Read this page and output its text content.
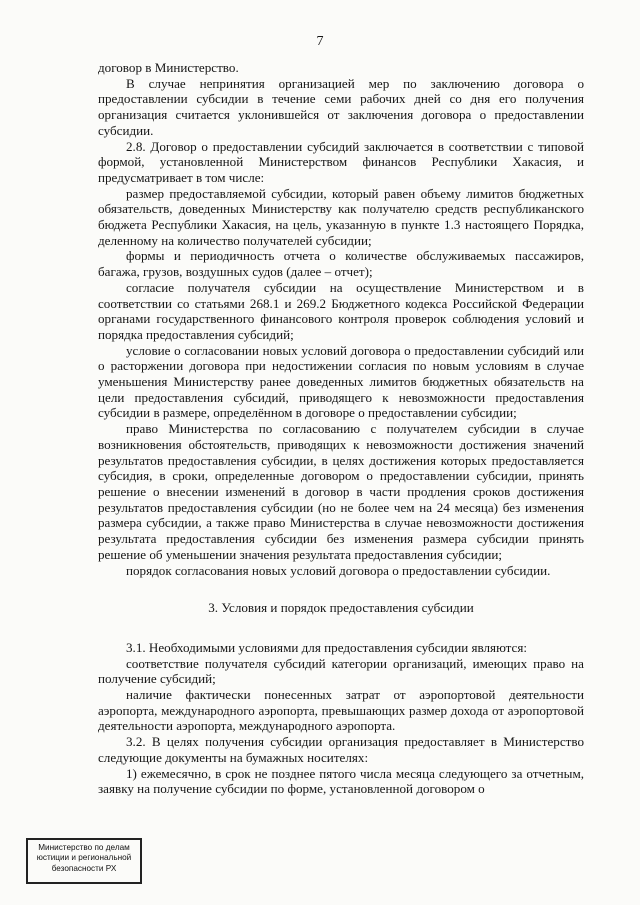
7

договор в Министерство.

В случае непринятия организацией мер по заключению договора о предоставлении субсидии в течение семи рабочих дней со дня его получения организация считается уклонившейся от заключения договора о предоставлении субсидии.

2.8. Договор о предоставлении субсидий заключается в соответствии с типовой формой, установленной Министерством финансов Республики Хакасия, и предусматривает в том числе:

размер предоставляемой субсидии, который равен объему лимитов бюджетных обязательств, доведенных Министерству как получателю средств республиканского бюджета Республики Хакасия, на цель, указанную в пункте 1.3 настоящего Порядка, деленному на количество получателей субсидии;

формы и периодичность отчета о количестве обслуживаемых пассажиров, багажа, грузов, воздушных судов (далее – отчет);

согласие получателя субсидии на осуществление Министерством и в соответствии со статьями 268.1 и 269.2 Бюджетного кодекса Российской Федерации органами государственного финансового контроля проверок соблюдения условий и порядка предоставления субсидий;

условие о согласовании новых условий договора о предоставлении субсидий или о расторжении договора при недостижении согласия по новым условиям в случае уменьшения Министерству ранее доведенных лимитов бюджетных обязательств на цели предоставления субсидий, приводящего к невозможности предоставления субсидии в размере, определённом в договоре о предоставлении субсидии;

право Министерства по согласованию с получателем субсидии в случае возникновения обстоятельств, приводящих к невозможности достижения значений результатов предоставления субсидии, в целях достижения которых предоставляется субсидия, в сроки, определенные договором о предоставлении субсидии, принять решение о внесении изменений в договор в части продления сроков достижения результатов предоставления субсидии (но не более чем на 24 месяца) без изменения размера субсидии, а также право Министерства в случае невозможности достижения результата предоставления субсидии без изменения размера субсидии принять решение об уменьшении значения результата предоставления субсидии;

порядок согласования новых условий договора о предоставлении субсидии.

3. Условия и порядок предоставления субсидии

3.1. Необходимыми условиями для предоставления субсидии являются:

соответствие получателя субсидий категории организаций, имеющих право на получение субсидий;

наличие фактически понесенных затрат от аэропортовой деятельности аэропорта, международного аэропорта, превышающих размер дохода от аэропортовой деятельности аэропорта, международного аэропорта.

3.2. В целях получения субсидии организация предоставляет в Министерство следующие документы на бумажных носителях:

1) ежемесячно, в срок не позднее пятого числа месяца следующего за отчетным, заявку на получение субсидии по форме, установленной договором о

Министерство по делам
юстиции и региональной
безопасности РХ
